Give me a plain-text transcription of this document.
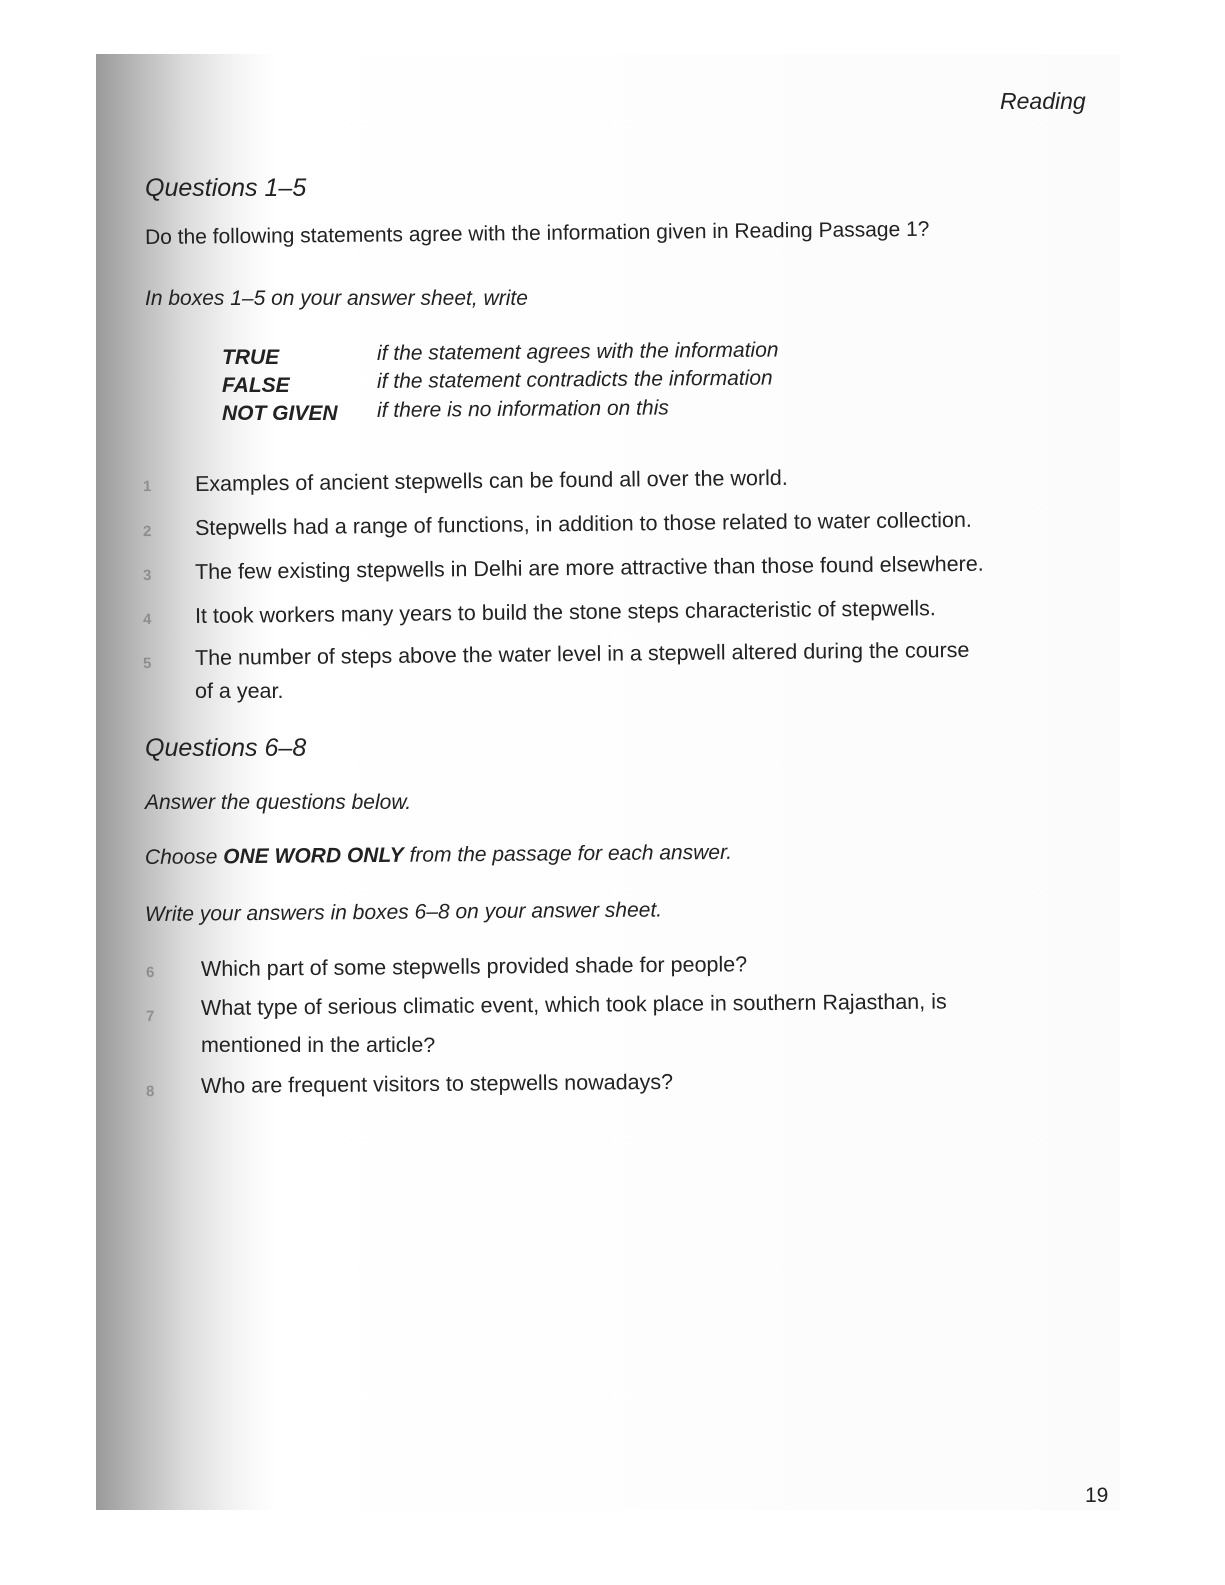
Reading
Questions 1–5
Do the following statements agree with the information given in Reading Passage 1?
In boxes 1–5 on your answer sheet, write
TRUE	if the statement agrees with the information
FALSE	if the statement contradicts the information
NOT GIVEN if there is no information on this
1 Examples of ancient stepwells can be found all over the world.
2 Stepwells had a range of functions, in addition to those related to water collection.
3 The few existing stepwells in Delhi are more attractive than those found elsewhere.
4 It took workers many years to build the stone steps characteristic of stepwells.
5 The number of steps above the water level in a stepwell altered during the course
of a year.
Questions 6–8
Answer the questions below.
Choose ONE WORD ONLY from the passage for each answer.
Write your answers in boxes 6–8 on your answer sheet.
6 Which part of some stepwells provided shade for people?
7 What type of serious climatic event, which took place in southern Rajasthan, is
mentioned in the article?
8 Who are frequent visitors to stepwells nowadays?
19
